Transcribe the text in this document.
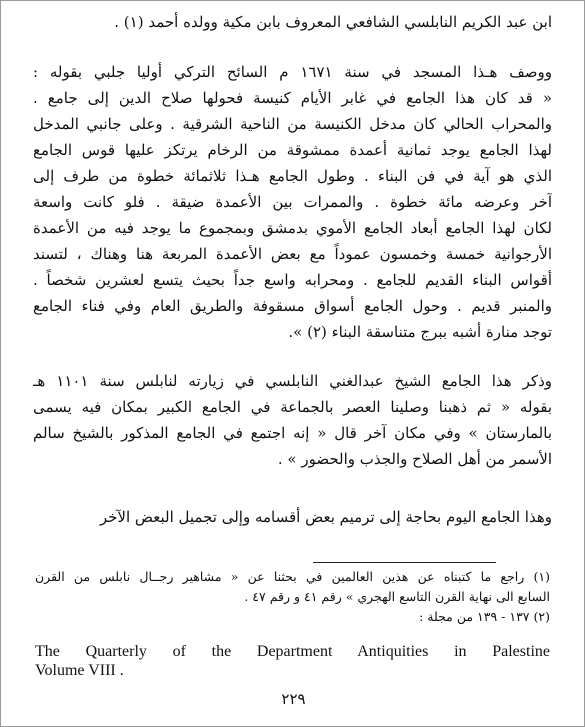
ابن عبد الكريم النابلسي الشافعي المعروف بابن مكية وولده أحمد (١) .
ووصف هـذا المسجد في سنة ١٦٧١ م السائح التركي أوليا جلبي بقوله :
« قد كان هذا الجامع في غابر الأيام كنيسة فحولها صلاح الدين إلى جامع .
والمحراب الحالي كان مدخل الكنيسة من الناحية الشرقية . وعلى جانبي المدخل
لهذا الجامع يوجد ثمانية أعمدة ممشوقة من الرخام يرتكز عليها قوس الجامع
الذي هو آية في فن البناء . وطول الجامع هـذا ثلاثمائة خطوة من طرف إلى
آخر وعرضه مائة خطوة . والممرات بين الأعمدة ضيقة . فلو كانت واسعة
لكان لهذا الجامع أبعاد الجامع الأموي بدمشق وبمجموع ما يوجد فيه من الأعمدة
الأرجوانية خمسة وخمسون عموداً مع بعض الأعمدة المربعة هنا وهناك ، لتسند
أقواس البناء القديم للجامع . ومحرابه واسع جداً بحيث يتسع لعشرين شخصاً .
والمنبر قديم . وحول الجامع أسواق مسقوفة والطريق العام وفي فناء الجامع
توجد منارة أشبه ببرج متناسقة البناء (٢) ».
وذكر هذا الجامع الشيخ عبدالغني النابلسي في زيارته لنابلس سنة ١١٠١ هـ
بقوله « ثم ذهبنا وصلينا العصر بالجماعة في الجامع الكبير بمكان فيه يسمى
بالمارستان » وفي مكان آخر قال « إنه اجتمع في الجامع المذكور بالشيخ سالم
الأسمر من أهل الصلاح والجذب والحضور » .
وهذا الجامع اليوم بحاجة إلى ترميم بعض أقسامه وإلى تجميل البعض الآخر
(١) راجع ما كتبناه عن هذين العالمين في بحثنا عن « مشاهير رجــال نابلس من القرن
السابع الى نهاية القرن التاسع الهجري » رقم ٤١ و رقم ٤٧ .
(٢) ١٣٧ - ١٣٩ من مجلة :
The Quarterly of the Department Antiquities in Palestine
Volume VIII .
٢٢٩
